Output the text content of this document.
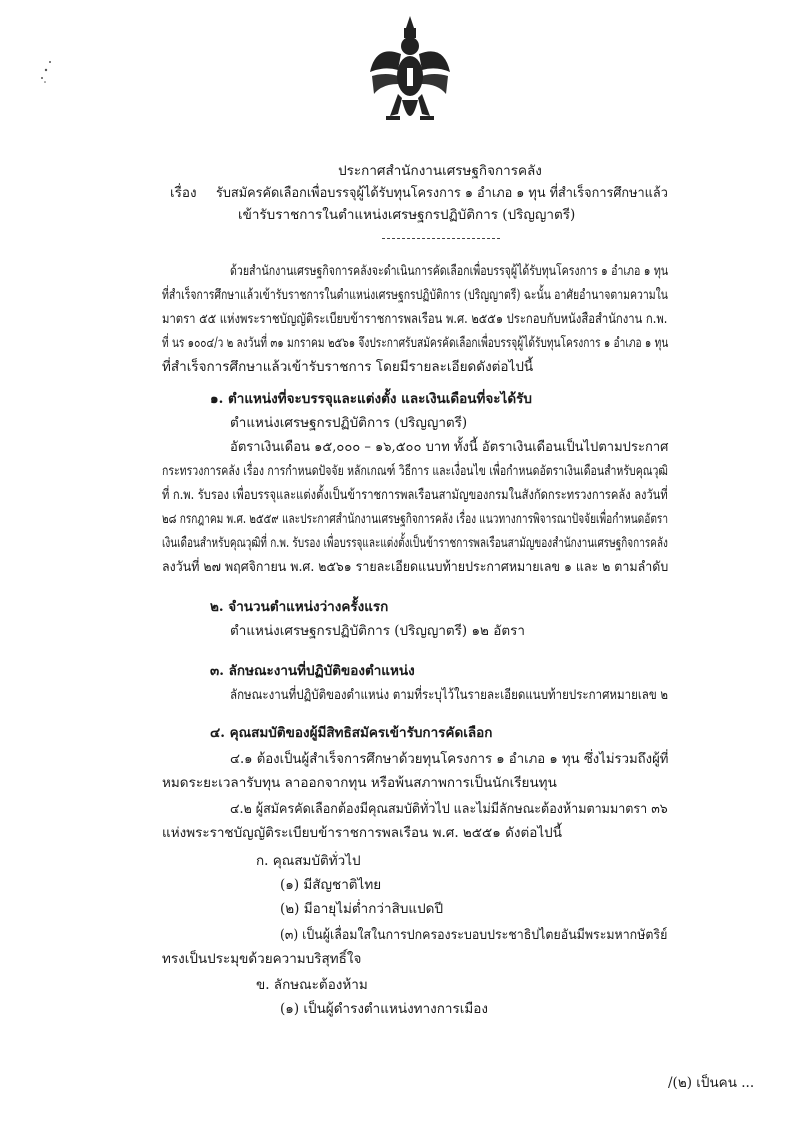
ประกาศสำนักงานเศรษฐกิจการคลัง
เรื่อง รับสมัครคัดเลือกเพื่อบรรจุผู้ได้รับทุนโครงการ ๑ อำเภอ ๑ ทุน ที่สำเร็จการศึกษาแล้ว
เข้ารับราชการในตำแหน่งเศรษฐกรปฏิบัติการ (ปริญญาตรี)
ด้วยสำนักงานเศรษฐกิจการคลังจะดำเนินการคัดเลือกเพื่อบรรจุผู้ได้รับทุนโครงการ ๑ อำเภอ ๑ ทุน
ที่สำเร็จการศึกษาแล้วเข้ารับราชการในตำแหน่งเศรษฐกรปฏิบัติการ (ปริญญาตรี) ฉะนั้น อาศัยอำนาจตามความใน
มาตรา ๕๕ แห่งพระราชบัญญัติระเบียบข้าราชการพลเรือน พ.ศ. ๒๕๕๑ ประกอบกับหนังสือสำนักงาน ก.พ.
ที่ นร ๑๐๐๔/ว ๒ ลงวันที่ ๓๑ มกราคม ๒๕๖๑ จึงประกาศรับสมัครคัดเลือกเพื่อบรรจุผู้ได้รับทุนโครงการ ๑ อำเภอ ๑ ทุน
ที่สำเร็จการศึกษาแล้วเข้ารับราชการ โดยมีรายละเอียดดังต่อไปนี้
๑. ตำแหน่งที่จะบรรจุและแต่งตั้ง และเงินเดือนที่จะได้รับ
ตำแหน่งเศรษฐกรปฏิบัติการ (ปริญญาตรี)
อัตราเงินเดือน ๑๕,๐๐๐ – ๑๖,๕๐๐ บาท ทั้งนี้ อัตราเงินเดือนเป็นไปตามประกาศ
กระทรวงการคลัง เรื่อง การกำหนดปัจจัย หลักเกณฑ์ วิธีการ และเงื่อนไข เพื่อกำหนดอัตราเงินเดือนสำหรับคุณวุฒิ
ที่ ก.พ. รับรอง เพื่อบรรจุและแต่งตั้งเป็นข้าราชการพลเรือนสามัญของกรมในสังกัดกระทรวงการคลัง ลงวันที่
๒๘ กรกฎาคม พ.ศ. ๒๕๕๙ และประกาศสำนักงานเศรษฐกิจการคลัง เรื่อง แนวทางการพิจารณาปัจจัยเพื่อกำหนดอัตรา
เงินเดือนสำหรับคุณวุฒิที่ ก.พ. รับรอง เพื่อบรรจุและแต่งตั้งเป็นข้าราชการพลเรือนสามัญของสำนักงานเศรษฐกิจการคลัง
ลงวันที่ ๒๗ พฤศจิกายน พ.ศ. ๒๕๖๑ รายละเอียดแนบท้ายประกาศหมายเลข ๑ และ ๒ ตามลำดับ
๒. จำนวนตำแหน่งว่างครั้งแรก
ตำแหน่งเศรษฐกรปฏิบัติการ (ปริญญาตรี) ๑๒ อัตรา
๓. ลักษณะงานที่ปฏิบัติของตำแหน่ง
ลักษณะงานที่ปฏิบัติของตำแหน่ง ตามที่ระบุไว้ในรายละเอียดแนบท้ายประกาศหมายเลข ๒
๔. คุณสมบัติของผู้มีสิทธิสมัครเข้ารับการคัดเลือก
๔.๑ ต้องเป็นผู้สำเร็จการศึกษาด้วยทุนโครงการ ๑ อำเภอ ๑ ทุน ซึ่งไม่รวมถึงผู้ที่
หมดระยะเวลารับทุน ลาออกจากทุน หรือพ้นสภาพการเป็นนักเรียนทุน
๔.๒ ผู้สมัครคัดเลือกต้องมีคุณสมบัติทั่วไป และไม่มีลักษณะต้องห้ามตามมาตรา ๓๖
แห่งพระราชบัญญัติระเบียบข้าราชการพลเรือน พ.ศ. ๒๕๕๑ ดังต่อไปนี้
ก. คุณสมบัติทั่วไป
(๑) มีสัญชาติไทย
(๒) มีอายุไม่ต่ำกว่าสิบแปดปี
(๓) เป็นผู้เลื่อมใสในการปกครองระบอบประชาธิปไตยอันมีพระมหากษัตริย์
ทรงเป็นประมุขด้วยความบริสุทธิ์ใจ
ข. ลักษณะต้องห้าม
(๑) เป็นผู้ดำรงตำแหน่งทางการเมือง
/(๒) เป็นคน ...
